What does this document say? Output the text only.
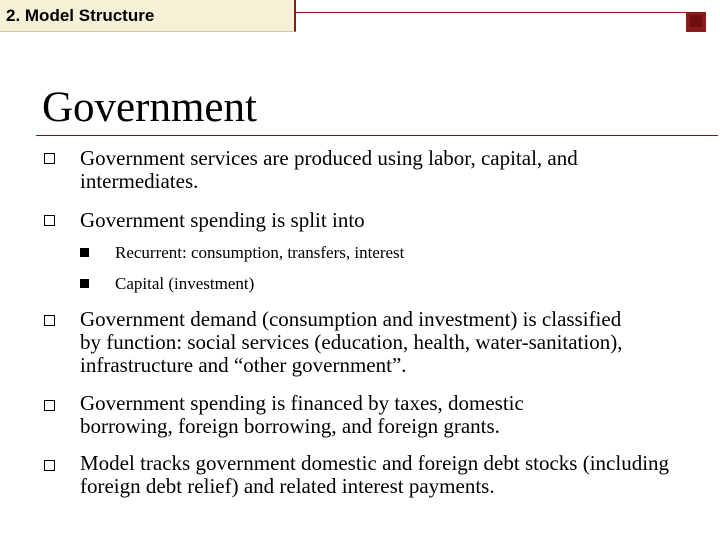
2. Model Structure
Government
Government services are produced using labor, capital, and intermediates.
Government spending is split into
Recurrent: consumption, transfers, interest
Capital (investment)
Government demand (consumption and investment) is classified by function: social services (education, health, water-sanitation), infrastructure and “other government”.
Government spending is financed by taxes, domestic borrowing, foreign borrowing, and foreign grants.
Model tracks government domestic and foreign debt stocks (including foreign debt relief) and related interest payments.
